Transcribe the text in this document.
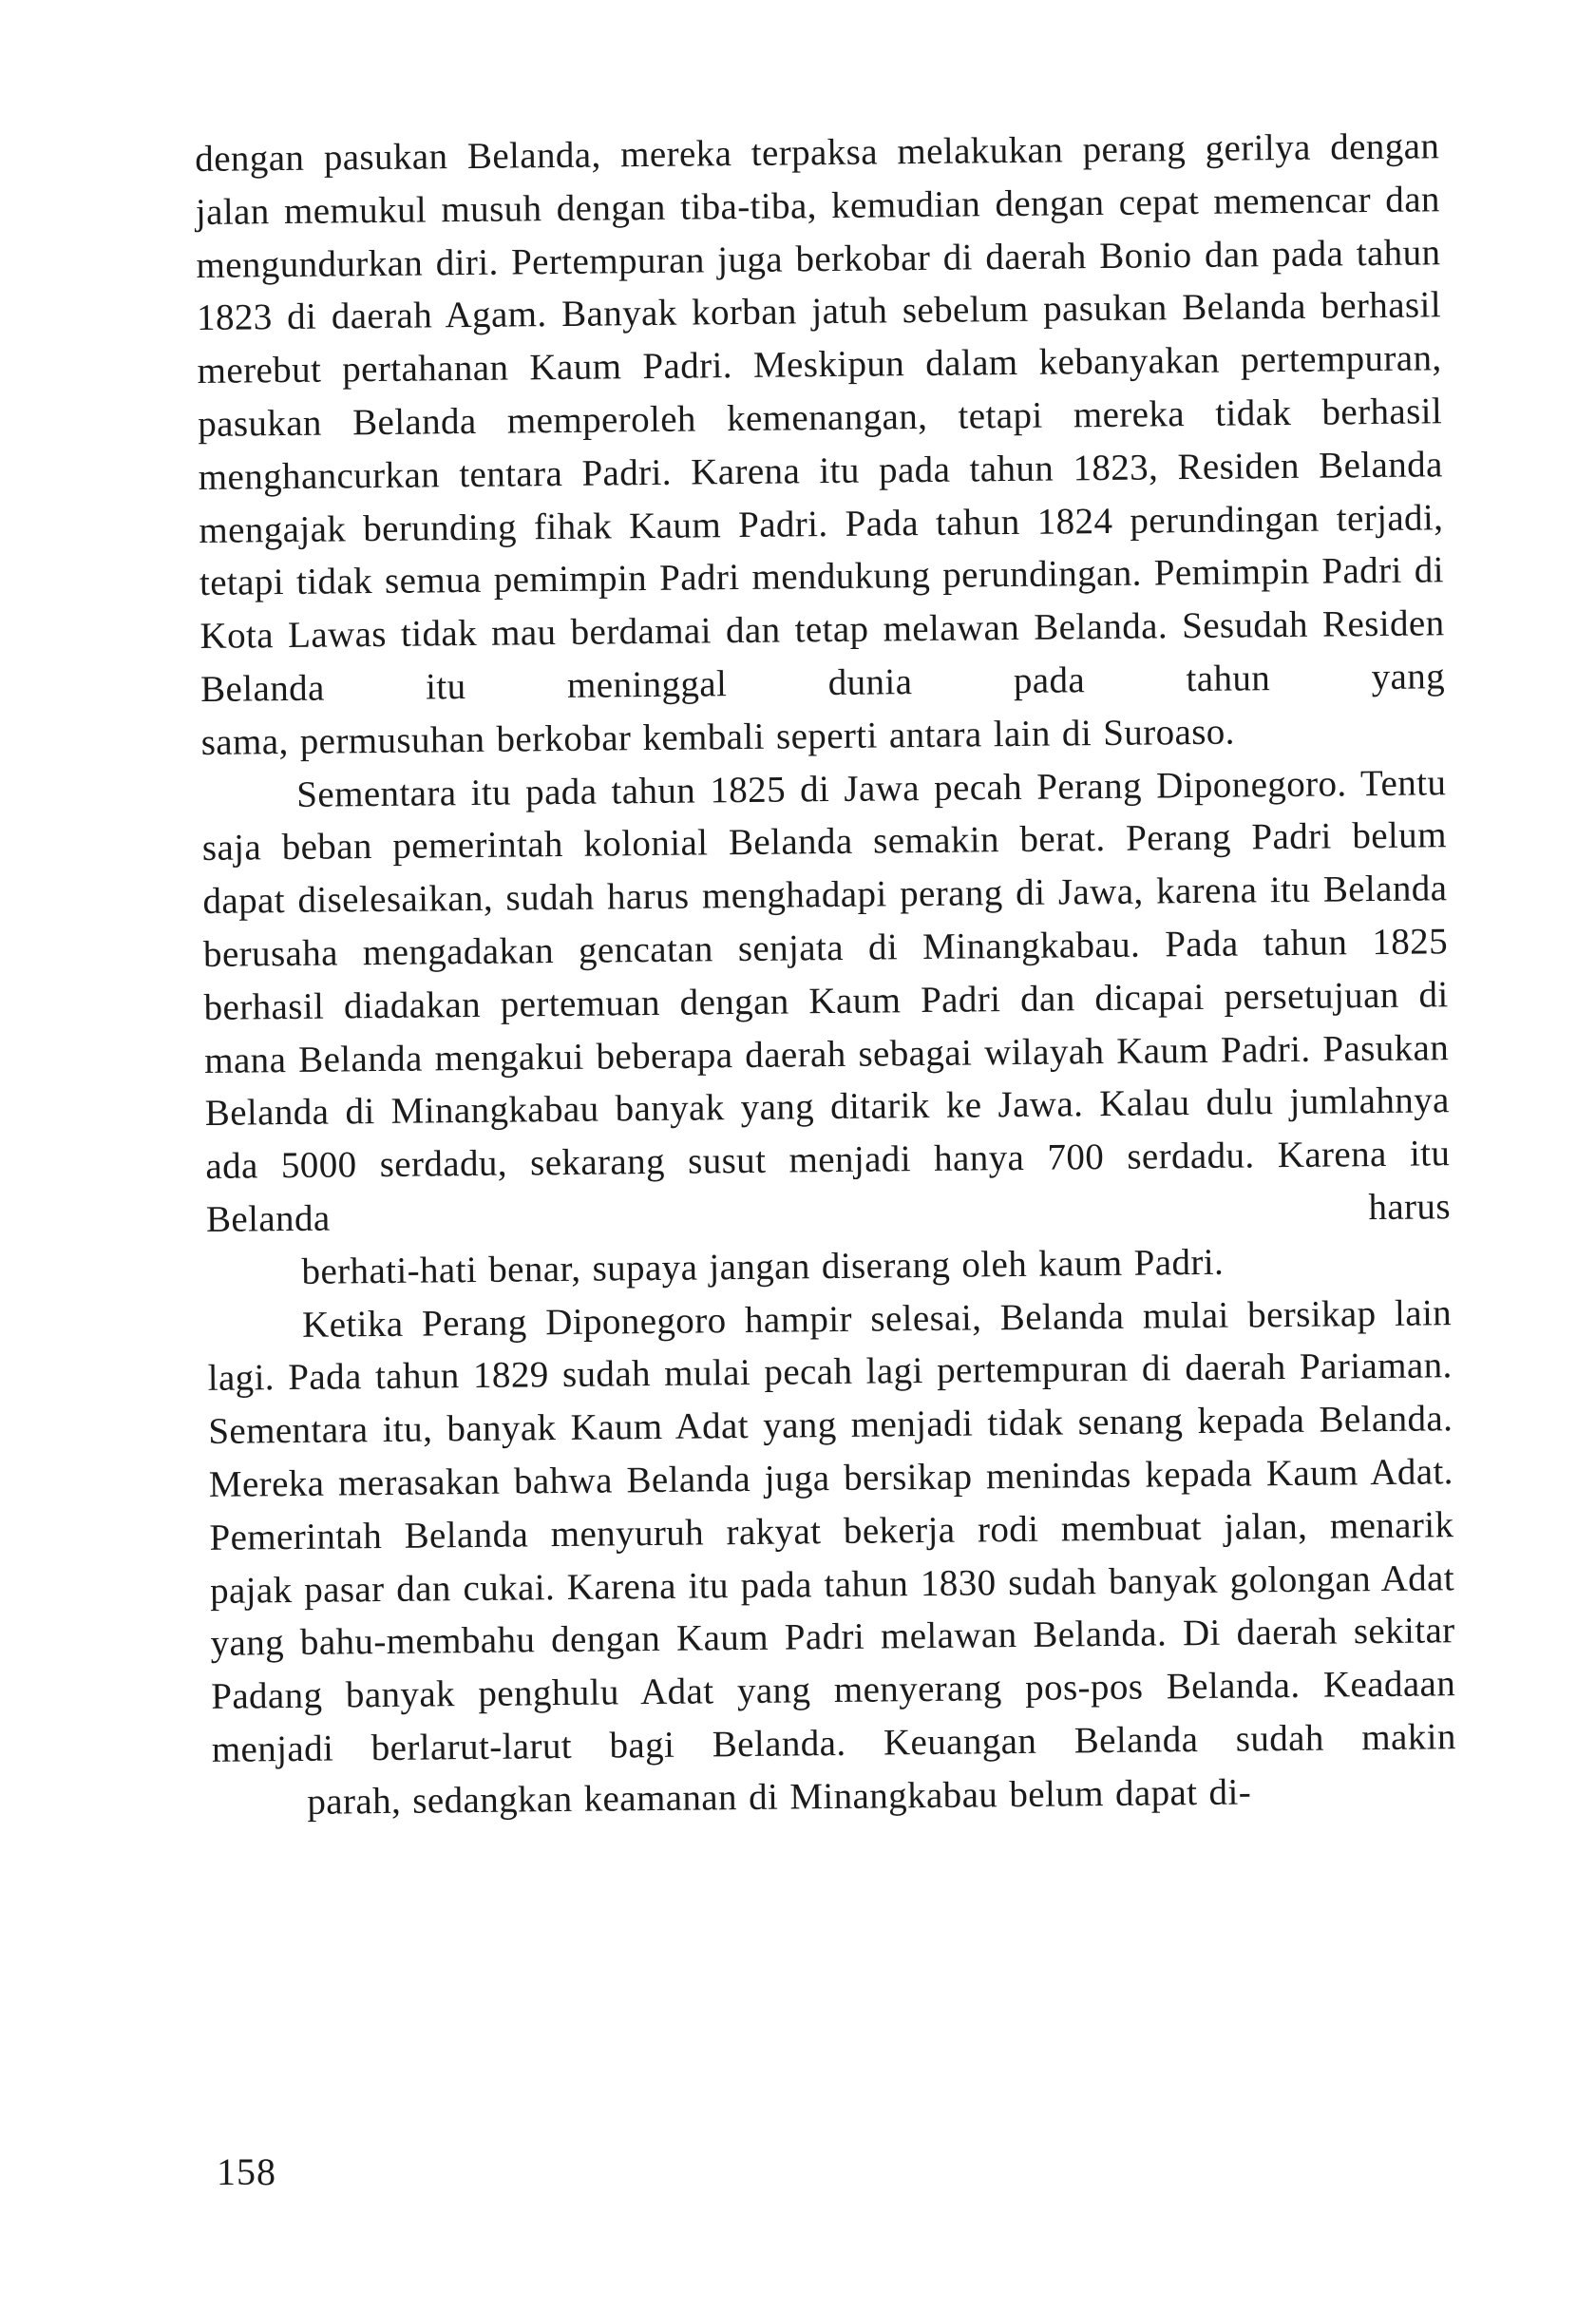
dengan pasukan Belanda, mereka terpaksa melakukan perang gerilya dengan jalan memukul musuh dengan tiba-tiba, kemudian dengan cepat memencar dan mengundurkan diri. Pertempuran juga berkobar di daerah Bonio dan pada tahun 1823 di daerah Agam. Banyak korban jatuh sebelum pasukan Belanda berhasil merebut pertahanan Kaum Padri. Meskipun dalam kebanyakan pertempuran, pasukan Belanda memperoleh kemenangan, tetapi mereka tidak berhasil menghancurkan tentara Padri. Karena itu pada tahun 1823, Residen Belanda mengajak berunding fihak Kaum Padri. Pada tahun 1824 perundingan terjadi, tetapi tidak semua pemimpin Padri mendukung perundingan. Pemimpin Padri di Kota Lawas tidak mau berdamai dan tetap melawan Belanda. Sesudah Residen Belanda itu meninggal dunia pada tahun yang
sama, permusuhan berkobar kembali seperti antara lain di Suroaso.

Sementara itu pada tahun 1825 di Jawa pecah Perang Diponegoro. Tentu saja beban pemerintah kolonial Belanda semakin berat. Perang Padri belum dapat diselesaikan, sudah harus menghadapi perang di Jawa, karena itu Belanda berusaha mengadakan gencatan senjata di Minangkabau. Pada tahun 1825 berhasil diadakan pertemuan dengan Kaum Padri dan dicapai persetujuan di mana Belanda mengakui beberapa daerah sebagai wilayah Kaum Padri. Pasukan Belanda di Minangkabau banyak yang ditarik ke Jawa. Kalau dulu jumlahnya ada 5000 serdadu, sekarang susut menjadi hanya 700 serdadu. Karena itu Belanda harus
berhati-hati benar, supaya jangan diserang oleh kaum Padri.

Ketika Perang Diponegoro hampir selesai, Belanda mulai bersikap lain lagi. Pada tahun 1829 sudah mulai pecah lagi pertempuran di daerah Pariaman. Sementara itu, banyak Kaum Adat yang menjadi tidak senang kepada Belanda. Mereka merasakan bahwa Belanda juga bersikap menindas kepada Kaum Adat. Pemerintah Belanda menyuruh rakyat bekerja rodi membuat jalan, menarik pajak pasar dan cukai. Karena itu pada tahun 1830 sudah banyak golongan Adat yang bahu-membahu dengan Kaum Padri melawan Belanda. Di daerah sekitar Padang banyak penghulu Adat yang menyerang pos-pos Belanda. Keadaan menjadi berlarut-larut bagi Belanda. Keuangan Belanda sudah makin
parah, sedangkan keamanan di Minangkabau belum dapat di-

158
